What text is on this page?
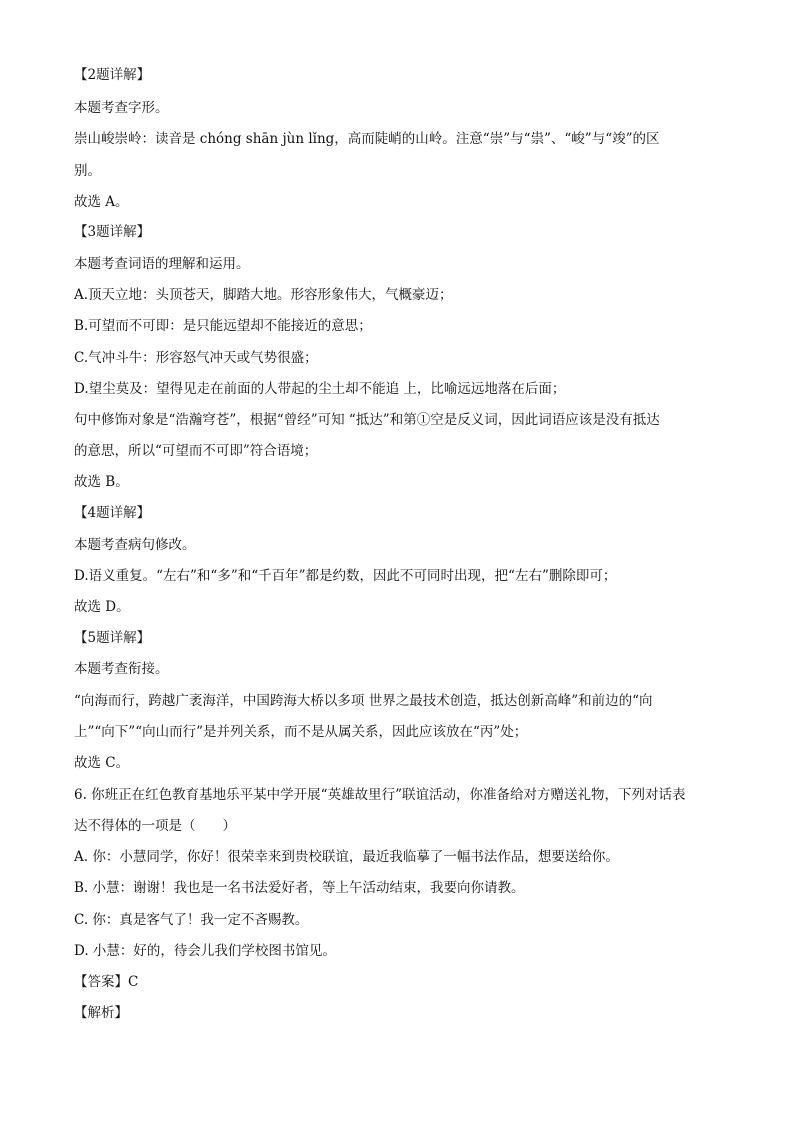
【2题详解】
本题考查字形。
崇山峻崇岭：读音是 chóng shān jùn lǐng，高而陡峭的山岭。注意“崇”与“祟”、“峻”与“竣”的区
别。
故选 A。
【3题详解】
本题考查词语的理解和运用。
A.顶天立地：头顶苍天，脚踏大地。形容形象伟大，气概豪迈；
B.可望而不可即：是只能远望却不能接近的意思；
C.气冲斗牛：形容怒气冲天或气势很盛；
D.望尘莫及：望得见走在前面的人带起的尘土却不能追 上，比喻远远地落在后面；
句中修饰对象是“浩瀚穹苍”，根据“曾经”可知 “抵达”和第①空是反义词，因此词语应该是没有抵达
的意思，所以“可望而不可即”符合语境；
故选 B。
【4题详解】
本题考查病句修改。
D.语义重复。“左右”和“多”和“千百年”都是约数，因此不可同时出现，把“左右”删除即可；
故选 D。
【5题详解】
本题考查衔接。
“向海而行，跨越广袤海洋，中国跨海大桥以多项 世界之最技术创造，抵达创新高峰”和前边的“向
上”“向下”“向山而行”是并列关系，而不是从属关系，因此应该放在“丙”处；
故选 C。
6. 你班正在红色教育基地乐平某中学开展“英雄故里行”联谊活动，你准备给对方赠送礼物，下列对话表
达不得体的一项是（　　）
A. 你：小慧同学，你好！很荣幸来到贵校联谊，最近我临摹了一幅书法作品，想要送给你。
B. 小慧：谢谢！我也是一名书法爱好者，等上午活动结束，我要向你请教。
C. 你：真是客气了！我一定不吝赐教。
D. 小慧：好的，待会儿我们学校图书馆见。
【答案】C
【解析】
